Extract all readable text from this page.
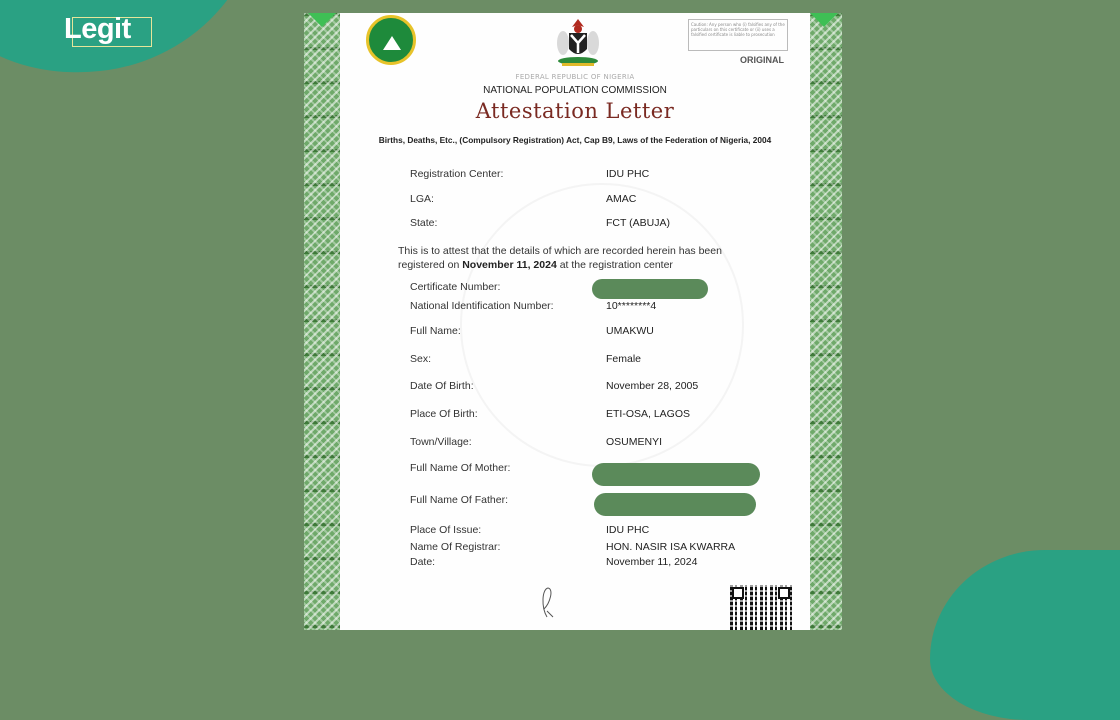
Legit	Caution: Any person who (i) falsifies any of the particulars on this certificate or (ii) uses a falsified certificate is liable to prosecution
ORIGINAL
FEDERAL REPUBLIC OF NIGERIA
NATIONAL POPULATION COMMISSION
Attestation Letter
Births, Deaths, Etc., (Compulsory Registration) Act, Cap B9, Laws of the Federation of Nigeria, 2004
Registration Center:	IDU PHC
LGA:	AMAC
State:	FCT (ABUJA)
This is to attest that the details of which are recorded herein has been registered on November 11, 2024 at the registration center
Certificate Number:
National Identification Number:	10********4
Full Name:	UMAKWU
Sex:	Female
Date Of Birth:	November 28, 2005
Place Of Birth:	ETI-OSA, LAGOS
Town/Village:	OSUMENYI
Full Name Of Mother:
Full Name Of Father:
Place Of Issue:	IDU PHC
Name Of Registrar:	HON. NASIR ISA KWARRA
Date:	November 11, 2024
